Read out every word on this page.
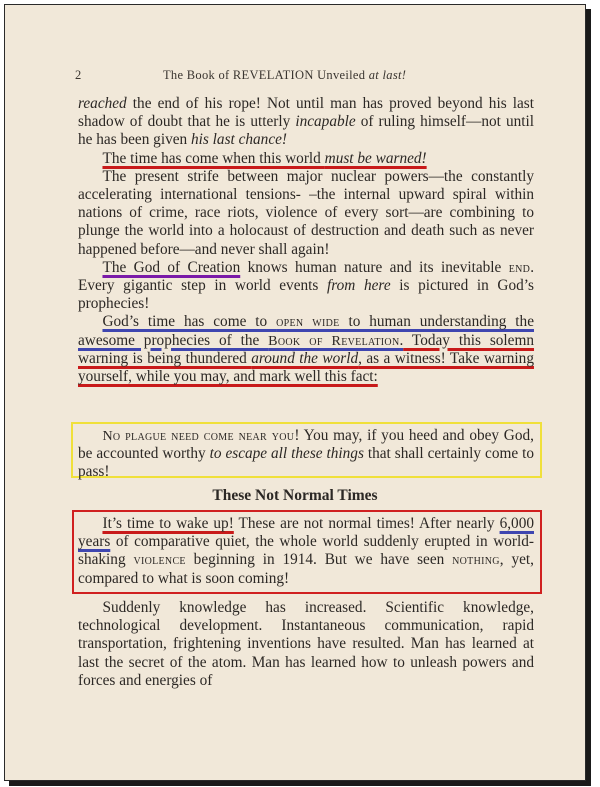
2	The Book of REVELATION Unveiled at last!

reached the end of his rope! Not until man has proved beyond his last shadow of doubt that he is utterly incapable of ruling himself—not until he has been given his last chance!

The time has come when this world must be warned!

The present strife between major nuclear powers—the constantly accelerating international tensions- –the internal upward spiral within nations of crime, race riots, violence of every sort—are combining to plunge the world into a holocaust of destruction and death such as never happened before—and never shall again!

The God of Creation knows human nature and its inevitable end. Every gigantic step in world events from here is pictured in God’s prophecies!

God’s time has come to open wide to human understanding the awesome prophecies of the Book of Revelation. Today this solemn warning is being thundered around the world, as a witness! Take warning yourself, while you may, and mark well this fact:

No plague need come near you! You may, if you heed and obey God, be accounted worthy to escape all these things that shall certainly come to pass!

These Not Normal Times

It’s time to wake up! These are not normal times! After nearly 6,000 years of comparative quiet, the whole world suddenly erupted in world-shaking violence beginning in 1914. But we have seen nothing, yet, compared to what is soon coming!

Suddenly knowledge has increased. Scientific knowledge, technological development. Instantaneous communication, rapid transportation, frightening inventions have resulted. Man has learned at last the secret of the atom. Man has learned how to unleash powers and forces and energies of
